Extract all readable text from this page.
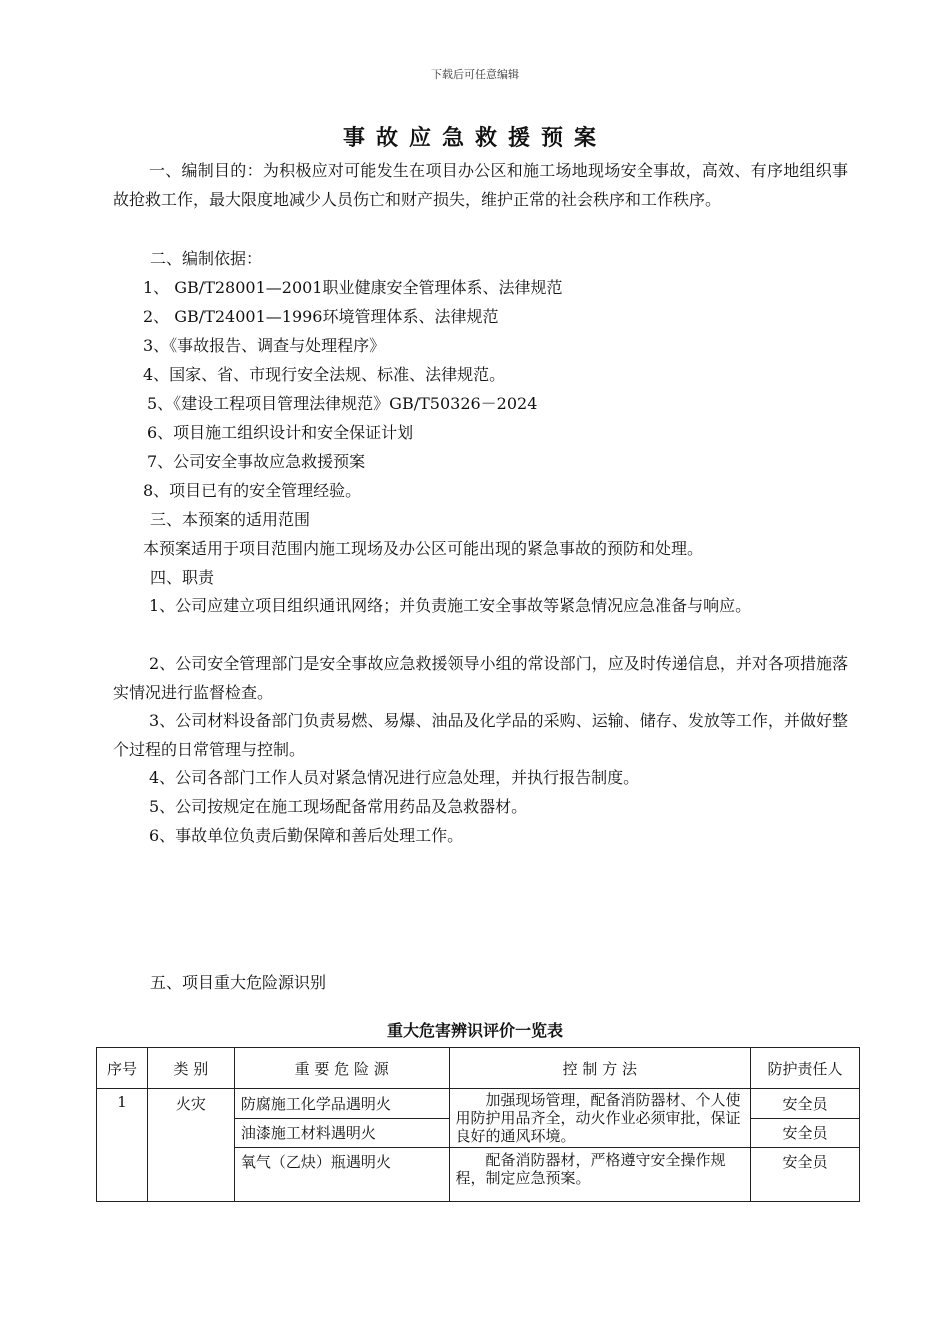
下载后可任意编辑
事故应急救援预案
一、编制目的：为积极应对可能发生在项目办公区和施工场地现场安全事故，高效、有序地组织事故抢救工作，最大限度地减少人员伤亡和财产损失，维护正常的社会秩序和工作秩序。
二、编制依据：
1、 GB/T28001—2001职业健康安全管理体系、法律规范
2、 GB/T24001—1996环境管理体系、法律规范
3、《事故报告、调查与处理程序》
4、国家、省、市现行安全法规、标准、法律规范。
5、《建设工程项目管理法律规范》GB/T50326－2024
6、项目施工组织设计和安全保证计划
7、公司安全事故应急救援预案
8、项目已有的安全管理经验。
三、本预案的适用范围
本预案适用于项目范围内施工现场及办公区可能出现的紧急事故的预防和处理。
四、职责
1、公司应建立项目组织通讯网络；并负责施工安全事故等紧急情况应急准备与响应。
2、公司安全管理部门是安全事故应急救援领导小组的常设部门，应及时传递信息，并对各项措施落实情况进行监督检查。
3、公司材料设备部门负责易燃、易爆、油品及化学品的采购、运输、储存、发放等工作，并做好整个过程的日常管理与控制。
4、公司各部门工作人员对紧急情况进行应急处理，并执行报告制度。
5、公司按规定在施工现场配备常用药品及急救器材。
6、事故单位负责后勤保障和善后处理工作。
五、项目重大危险源识别
重大危害辨识评价一览表
序号	类 别	重 要 危 险 源	控 制 方 法	防护责任人
1	火灾	防腐施工化学品遇明火	加强现场管理，配备消防器材、个人使用防护用品齐全，动火作业必须审批，保证良好的通风环境。	安全员
		油漆施工材料遇明火		安全员
		氧气（乙炔）瓶遇明火	配备消防器材，严格遵守安全操作规程，制定应急预案。	安全员
